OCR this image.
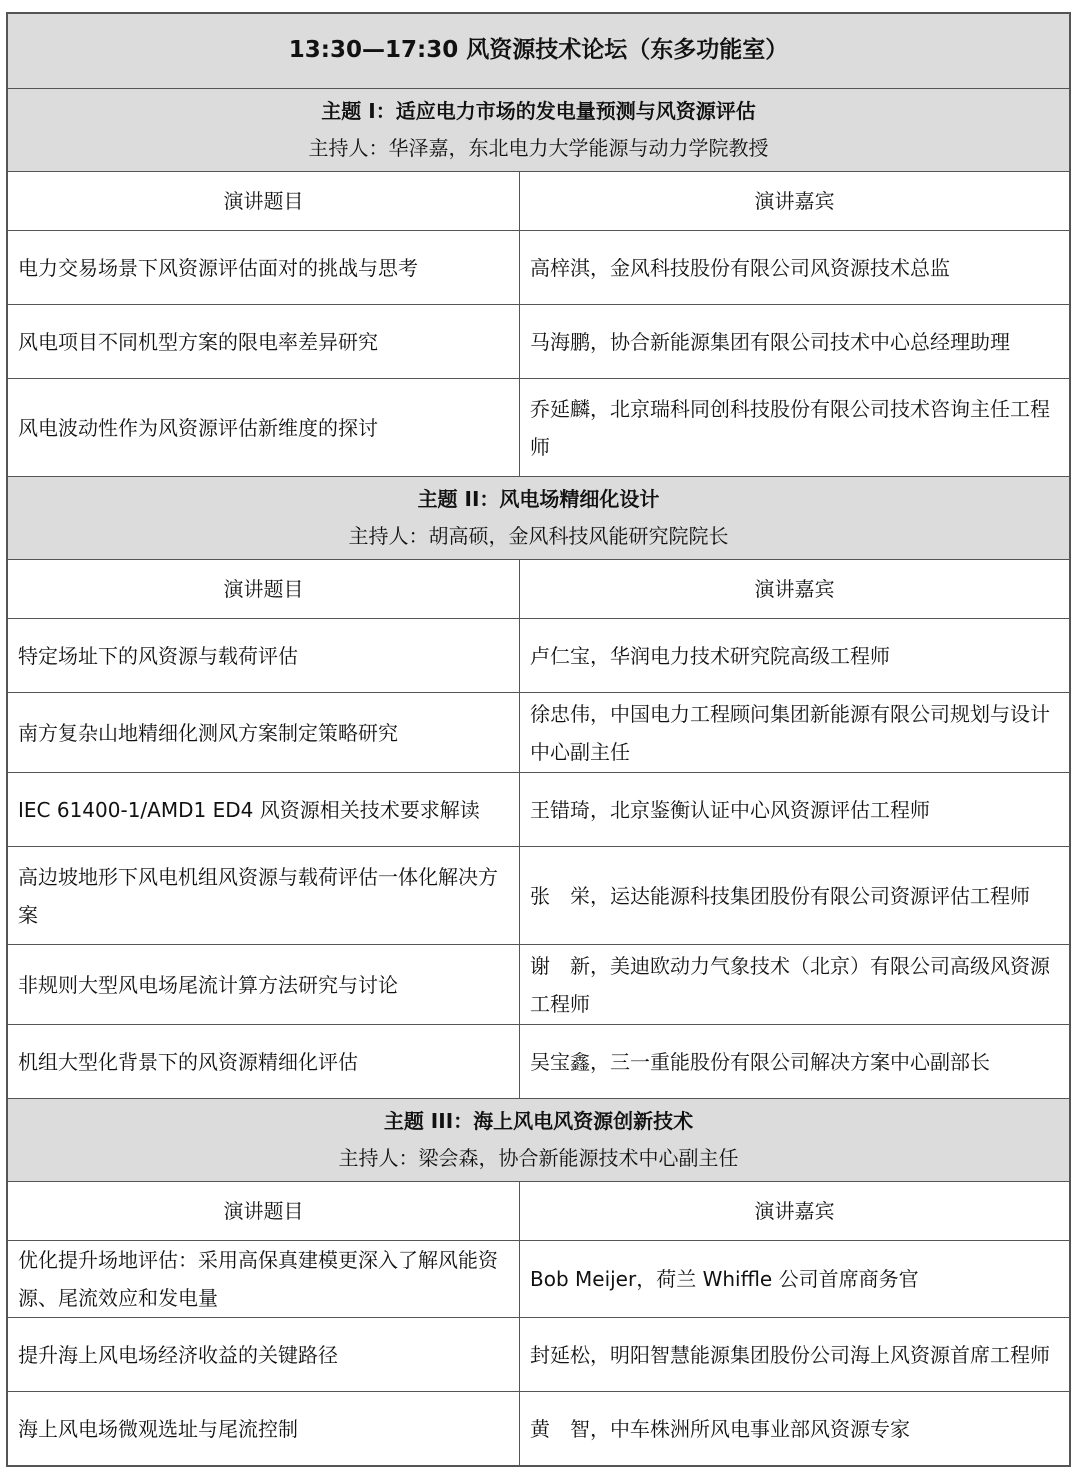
13:30—17:30 风资源技术论坛（东多功能室）	

主题 I：适应电力市场的发电量预测与风资源评估
主持人：华泽嘉，东北电力大学能源与动力学院教授	

演讲题目	演讲嘉宾
电力交易场景下风资源评估面对的挑战与思考	高梓淇，金风科技股份有限公司风资源技术总监
风电项目不同机型方案的限电率差异研究	马海鹏，协合新能源集团有限公司技术中心总经理助理
风电波动性作为风资源评估新维度的探讨	乔延麟，北京瑞科同创科技股份有限公司技术咨询主任工程师

主题 II：风电场精细化设计
主持人：胡高硕，金风科技风能研究院院长	

演讲题目	演讲嘉宾
特定场址下的风资源与载荷评估	卢仁宝，华润电力技术研究院高级工程师
南方复杂山地精细化测风方案制定策略研究	徐忠伟，中国电力工程顾问集团新能源有限公司规划与设计中心副主任
IEC 61400-1/AMD1 ED4 风资源相关技术要求解读	王错琦，北京鉴衡认证中心风资源评估工程师
高边坡地形下风电机组风资源与载荷评估一体化解决方案	张　栄，运达能源科技集团股份有限公司资源评估工程师
非规则大型风电场尾流计算方法研究与讨论	谢　新，美迪欧动力气象技术（北京）有限公司高级风资源工程师
机组大型化背景下的风资源精细化评估	吴宝鑫，三一重能股份有限公司解决方案中心副部长

主题 III：海上风电风资源创新技术
主持人：梁会森，协合新能源技术中心副主任	

演讲题目	演讲嘉宾
优化提升场地评估：采用高保真建模更深入了解风能资源、尾流效应和发电量	Bob Meijer，荷兰 Whiffle 公司首席商务官
提升海上风电场经济收益的关键路径	封延松，明阳智慧能源集团股份公司海上风资源首席工程师
海上风电场微观选址与尾流控制	黄　智，中车株洲所风电事业部风资源专家
